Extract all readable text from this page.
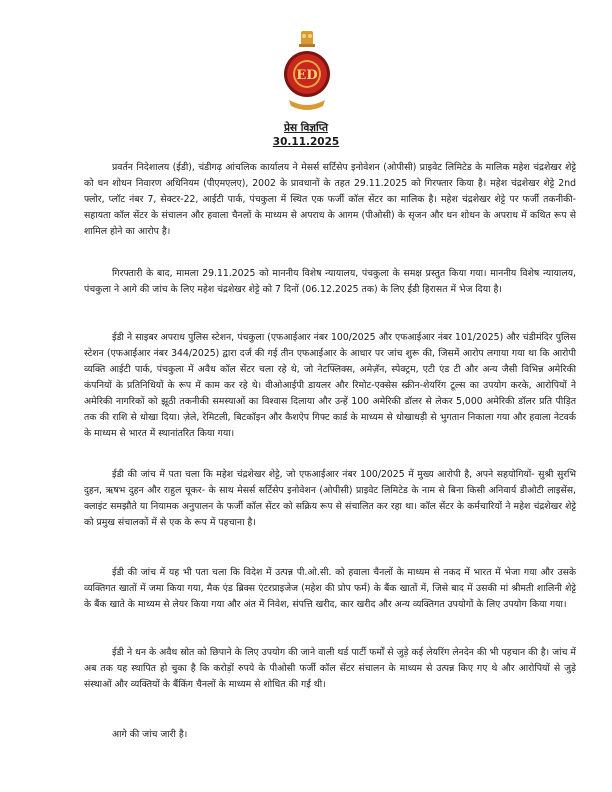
ED
प्रेस विज्ञप्ति
30.11.2025

प्रवर्तन निदेशालय (ईडी), चंडीगढ़ आंचलिक कार्यालय ने मेसर्स सर्टिसेप इनोवेशन (ओपीसी) प्राइवेट लिमिटेड के मालिक महेश चंद्रशेखर शेट्टे को धन शोधन निवारण अधिनियम (पीएमएलए), 2002 के प्रावधानों के तहत 29.11.2025 को गिरफ्तार किया है। महेश चंद्रशेखर शेट्टे 2nd फ्लोर, प्लॉट नंबर 7, सेक्टर-22, आईटी पार्क, पंचकुला में स्थित एक फर्जी कॉल सेंटर का मालिक है। महेश चंद्रशेखर शेट्टे पर फर्जी तकनीकी-सहायता कॉल सेंटर के संचालन और हवाला चैनलों के माध्यम से अपराध के आगम (पीओसी) के सृजन और धन शोधन के अपराध में कथित रूप से शामिल होने का आरोप है।

गिरफ्तारी के बाद, मामला 29.11.2025 को माननीय विशेष न्यायालय, पंचकुला के समक्ष प्रस्तुत किया गया। माननीय विशेष न्यायालय, पंचकुला ने आगे की जांच के लिए महेश चंद्रशेखर शेट्टे को 7 दिनों (06.12.2025 तक) के लिए ईडी हिरासत में भेज दिया है।

ईडी ने साइबर अपराध पुलिस स्टेशन, पंचकुला (एफआईआर नंबर 100/2025 और एफआईआर नंबर 101/2025) और चंडीमंदिर पुलिस स्टेशन (एफआईआर नंबर 344/2025) द्वारा दर्ज की गई तीन एफआईआर के आधार पर जांच शुरू की, जिसमें आरोप लगाया गया था कि आरोपी व्यक्ति आईटी पार्क, पंचकुला में अवैध कॉल सेंटर चला रहे थे, जो नेटफ्लिक्स, अमेज़ॅन, स्पेक्ट्रम, एटी एंड टी और अन्य जैसी विभिन्न अमेरिकी कंपनियों के प्रतिनिधियों के रूप में काम कर रहे थे। वीओआईपी डायलर और रिमोट-एक्सेस स्क्रीन-शेयरिंग टूल्स का उपयोग करके, आरोपियों ने अमेरिकी नागरिकों को झूठी तकनीकी समस्याओं का विश्वास दिलाया और उन्हें 100 अमेरिकी डॉलर से लेकर 5,000 अमेरिकी डॉलर प्रति पीड़ित तक की राशि से धोखा दिया। ज़ेले, रेमिटली, बिटकॉइन और कैशऐप गिफ्ट कार्ड के माध्यम से धोखाधड़ी से भुगतान निकाला गया और हवाला नेटवर्क के माध्यम से भारत में स्थानांतरित किया गया।

ईडी की जांच में पता चला कि महेश चंद्रशेखर शेट्टे, जो एफआईआर नंबर 100/2025 में मुख्य आरोपी है, अपने सहयोगियों- सुश्री सुरभि दुहन, ऋषभ दुहन और राहुल चूकर- के साथ मेसर्स सर्टिसेप इनोवेशन (ओपीसी) प्राइवेट लिमिटेड के नाम से बिना किसी अनिवार्य डीओटी लाइसेंस, क्लाइंट समझौते या नियामक अनुपालन के फर्जी कॉल सेंटर को सक्रिय रूप से संचालित कर रहा था। कॉल सेंटर के कर्मचारियों ने महेश चंद्रशेखर शेट्टे को प्रमुख संचालकों में से एक के रूप में पहचाना है।

ईडी की जांच में यह भी पता चला कि विदेश में उत्पन्न पी.ओ.सी. को हवाला चैनलों के माध्यम से नकद में भारत में भेजा गया और उसके व्यक्तिगत खातों में जमा किया गया, मैक एंड ब्रिक्स एंटरप्राइजेज (महेश की प्रोप फर्म) के बैंक खातों में, जिसे बाद में उसकी मां श्रीमती शालिनी शेट्टे के बैंक खाते के माध्यम से लेयर किया गया और अंत में निवेश, संपत्ति खरीद, कार खरीद और अन्य व्यक्तिगत उपयोगों के लिए उपयोग किया गया।

ईडी ने धन के अवैध स्रोत को छिपाने के लिए उपयोग की जाने वाली थर्ड पार्टी फर्मों से जुड़े कई लेयरिंग लेनदेन की भी पहचान की है। जांच में अब तक यह स्थापित हो चुका है कि करोड़ों रुपये के पीओसी फर्जी कॉल सेंटर संचालन के माध्यम से उत्पन्न किए गए थे और आरोपियों से जुड़े संस्थाओं और व्यक्तियों के बैंकिंग चैनलों के माध्यम से शोधित की गई थी।

आगे की जांच जारी है।
